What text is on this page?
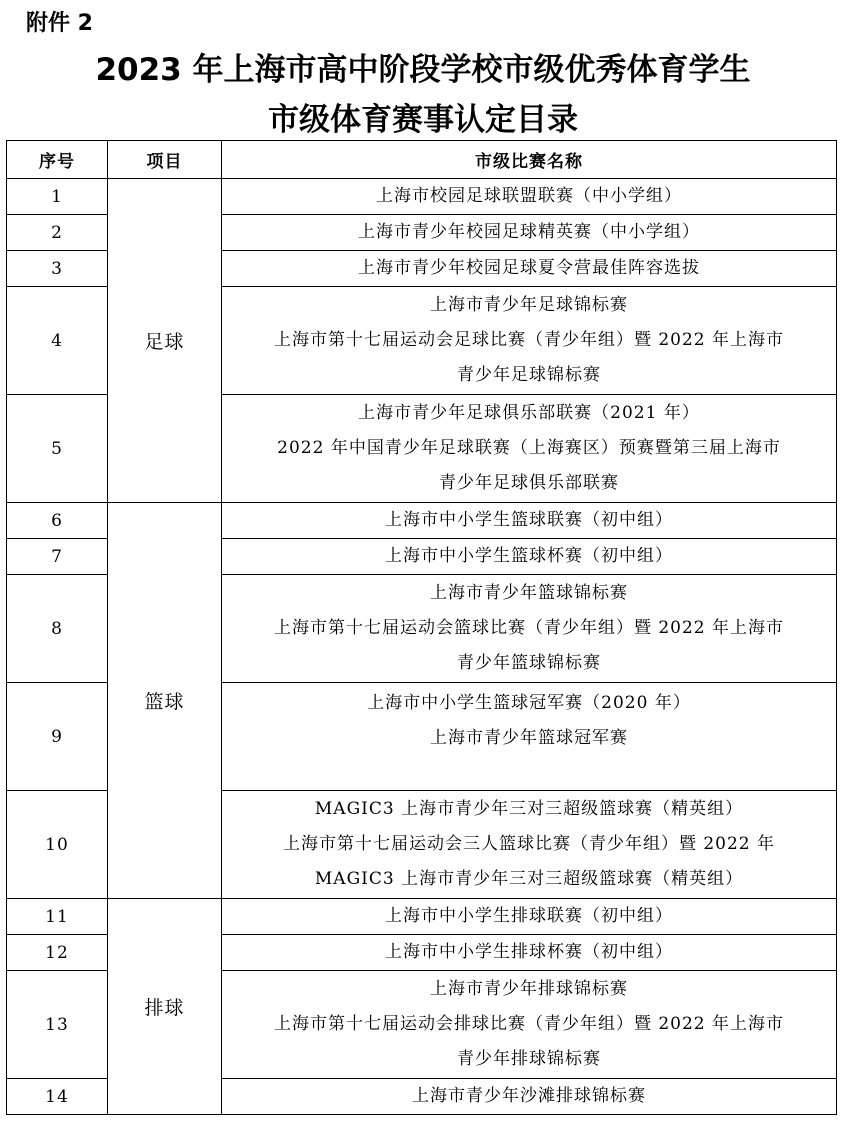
附件 2
2023 年上海市高中阶段学校市级优秀体育学生
市级体育赛事认定目录
序号	项目	市级比赛名称
1	足球	上海市校园足球联盟联赛（中小学组）

2		上海市青少年校园足球精英赛（中小学组）

3		上海市青少年校园足球夏令营最佳阵容选拔

4		上海市青少年足球锦标赛
上海市第十七届运动会足球比赛（青少年组）暨 2022 年上海市
青少年足球锦标赛

5		上海市青少年足球俱乐部联赛（2021 年）
2022 年中国青少年足球联赛（上海赛区）预赛暨第三届上海市
青少年足球俱乐部联赛

6	篮球	上海市中小学生篮球联赛（初中组）

7		上海市中小学生篮球杯赛（初中组）

8		上海市青少年篮球锦标赛
上海市第十七届运动会篮球比赛（青少年组）暨 2022 年上海市
青少年篮球锦标赛

9		上海市中小学生篮球冠军赛（2020 年）
上海市青少年篮球冠军赛

10		MAGIC3 上海市青少年三对三超级篮球赛（精英组）
上海市第十七届运动会三人篮球比赛（青少年组）暨 2022 年
MAGIC3 上海市青少年三对三超级篮球赛（精英组）

11	排球	上海市中小学生排球联赛（初中组）

12		上海市中小学生排球杯赛（初中组）

13		上海市青少年排球锦标赛
上海市第十七届运动会排球比赛（青少年组）暨 2022 年上海市
青少年排球锦标赛

14		上海市青少年沙滩排球锦标赛
